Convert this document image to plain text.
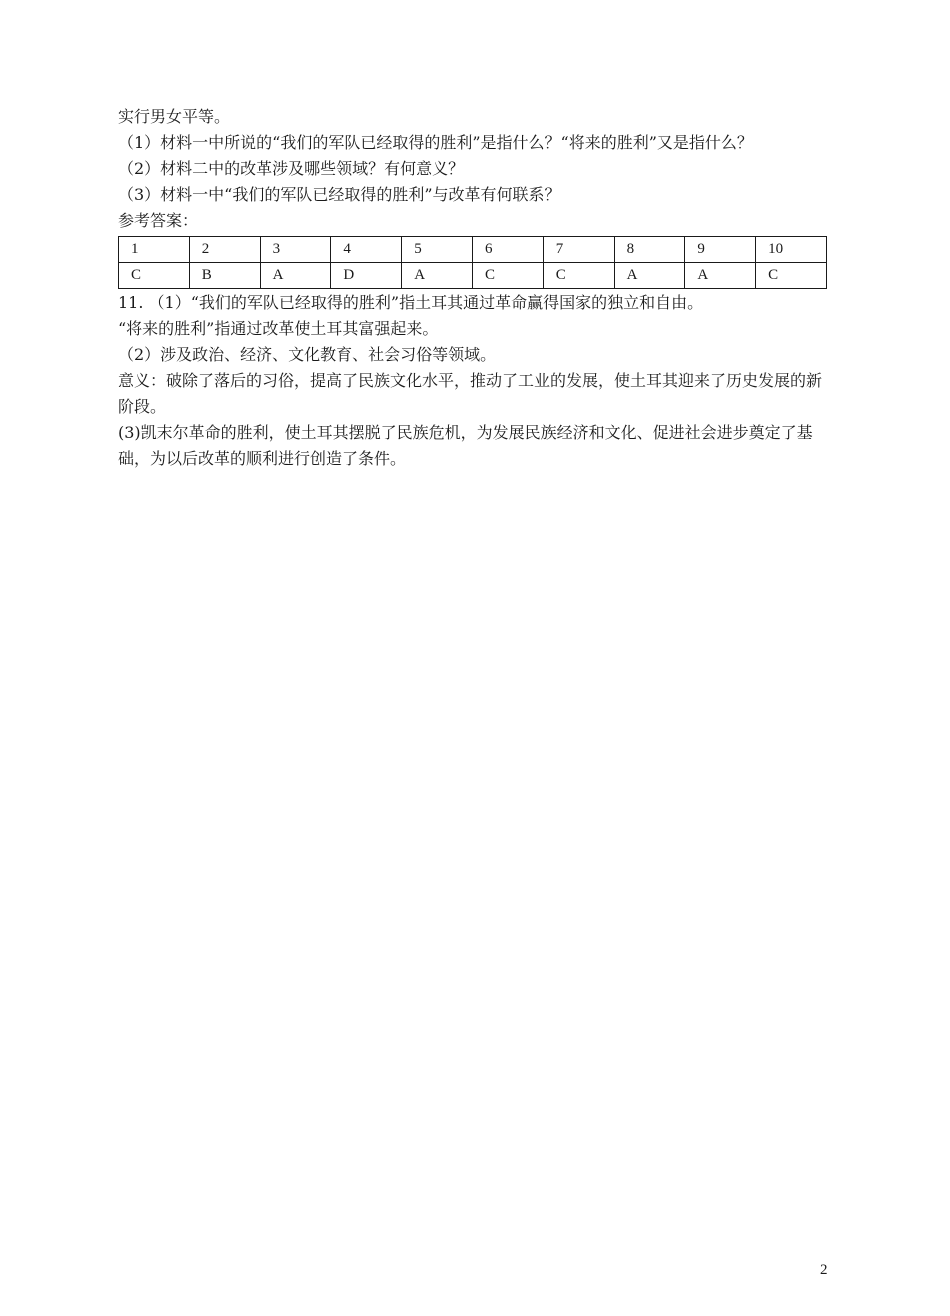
实行男女平等。

（1）材料一中所说的“我们的军队已经取得的胜利”是指什么？“将来的胜利”又是指什么？

（2）材料二中的改革涉及哪些领域？有何意义？

（3）材料一中“我们的军队已经取得的胜利”与改革有何联系？

参考答案：

1	2	3	4	5	6	7	8	9	10
C	B	A	D	A	C	C	A	A	C

11. （1）“我们的军队已经取得的胜利”指土耳其通过革命赢得国家的独立和自由。

“将来的胜利”指通过改革使土耳其富强起来。

（2）涉及政治、经济、文化教育、社会习俗等领域。

意义：破除了落后的习俗，提高了民族文化水平，推动了工业的发展，使土耳其迎来了历史发展的新阶段。

(3)凯末尔革命的胜利，使土耳其摆脱了民族危机，为发展民族经济和文化、促进社会进步奠定了基础，为以后改革的顺利进行创造了条件。

2
